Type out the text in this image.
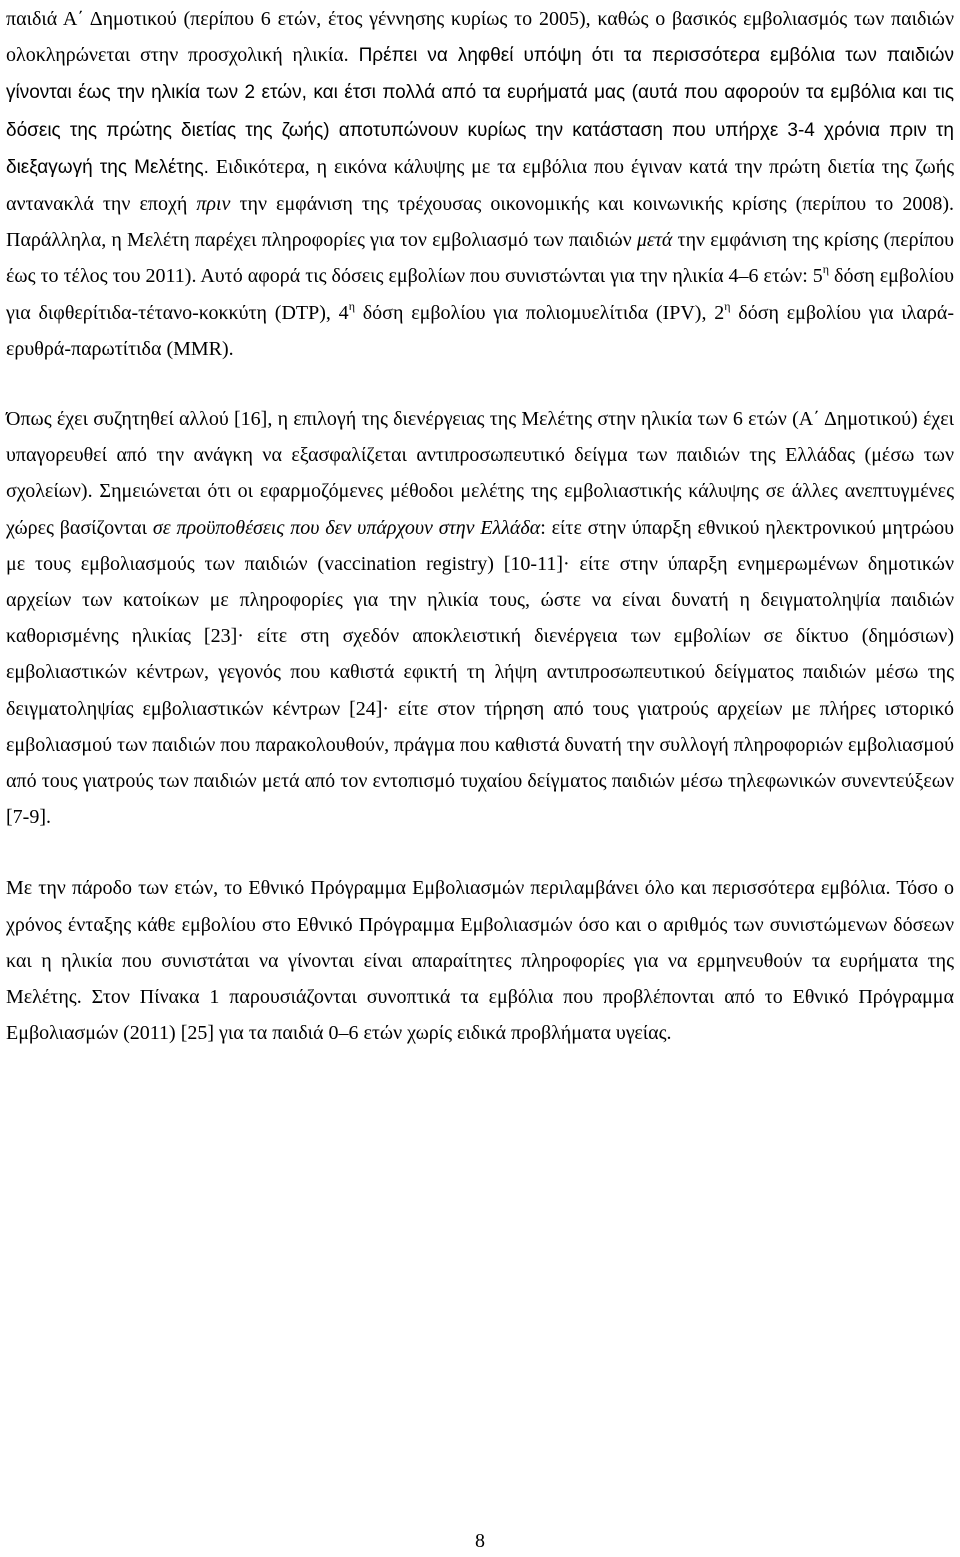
παιδιά Α΄ Δημοτικού (περίπου 6 ετών, έτος γέννησης κυρίως το 2005), καθώς ο βασικός εμβολιασμός των παιδιών ολοκληρώνεται στην προσχολική ηλικία. Πρέπει να ληφθεί υπόψη ότι τα περισσότερα εμβόλια των παιδιών γίνονται έως την ηλικία των 2 ετών, και έτσι πολλά από τα ευρήματά μας (αυτά που αφορούν τα εμβόλια και τις δόσεις της πρώτης διετίας της ζωής) αποτυπώνουν κυρίως την κατάσταση που υπήρχε 3-4 χρόνια πριν τη διεξαγωγή της Μελέτης. Ειδικότερα, η εικόνα κάλυψης με τα εμβόλια που έγιναν κατά την πρώτη διετία της ζωής αντανακλά την εποχή πριν την εμφάνιση της τρέχουσας οικονομικής και κοινωνικής κρίσης (περίπου το 2008). Παράλληλα, η Μελέτη παρέχει πληροφορίες για τον εμβολιασμό των παιδιών μετά την εμφάνιση της κρίσης (περίπου έως το τέλος του 2011). Αυτό αφορά τις δόσεις εμβολίων που συνιστώνται για την ηλικία 4–6 ετών: $5^\eta$ δόση εμβολίου για διφθερίτιδα-τέτανο-κοκκύτη (DTP), $4^\eta$ δόση εμβολίου για πολιομυελίτιδα (IPV), $2^\eta$ δόση εμβολίου για ιλαρά-ερυθρά-παρωτίτιδα (MMR).

Όπως έχει συζητηθεί αλλού [16], η επιλογή της διενέργειας της Μελέτης στην ηλικία των 6 ετών (Α΄ Δημοτικού) έχει υπαγορευθεί από την ανάγκη να εξασφαλίζεται αντιπροσωπευτικό δείγμα των παιδιών της Ελλάδας (μέσω των σχολείων). Σημειώνεται ότι οι εφαρμοζόμενες μέθοδοι μελέτης της εμβολιαστικής κάλυψης σε άλλες ανεπτυγμένες χώρες βασίζονται σε προϋποθέσεις που δεν υπάρχουν στην Ελλάδα: είτε στην ύπαρξη εθνικού ηλεκτρονικού μητρώου με τους εμβολιασμούς των παιδιών (vaccination registry) [10-11]· είτε στην ύπαρξη ενημερωμένων δημοτικών αρχείων των κατοίκων με πληροφορίες για την ηλικία τους, ώστε να είναι δυνατή η δειγματοληψία παιδιών καθορισμένης ηλικίας [23]· είτε στη σχεδόν αποκλειστική διενέργεια των εμβολίων σε δίκτυο (δημόσιων) εμβολιαστικών κέντρων, γεγονός που καθιστά εφικτή τη λήψη αντιπροσωπευτικού δείγματος παιδιών μέσω της δειγματοληψίας εμβολιαστικών κέντρων [24]· είτε στον τήρηση από τους γιατρούς αρχείων με πλήρες ιστορικό εμβολιασμού των παιδιών που παρακολουθούν, πράγμα που καθιστά δυνατή την συλλογή πληροφοριών εμβολιασμού από τους γιατρούς των παιδιών μετά από τον εντοπισμό τυχαίου δείγματος παιδιών μέσω τηλεφωνικών συνεντεύξεων [7-9].

Με την πάροδο των ετών, το Εθνικό Πρόγραμμα Εμβολιασμών περιλαμβάνει όλο και περισσότερα εμβόλια. Τόσο ο χρόνος ένταξης κάθε εμβολίου στο Εθνικό Πρόγραμμα Εμβολιασμών όσο και ο αριθμός των συνιστώμενων δόσεων και η ηλικία που συνιστάται να γίνονται είναι απαραίτητες πληροφορίες για να ερμηνευθούν τα ευρήματα της Μελέτης. Στον Πίνακα 1 παρουσιάζονται συνοπτικά τα εμβόλια που προβλέπονται από το Εθνικό Πρόγραμμα Εμβολιασμών (2011) [25] για τα παιδιά 0–6 ετών χωρίς ειδικά προβλήματα υγείας.

8
